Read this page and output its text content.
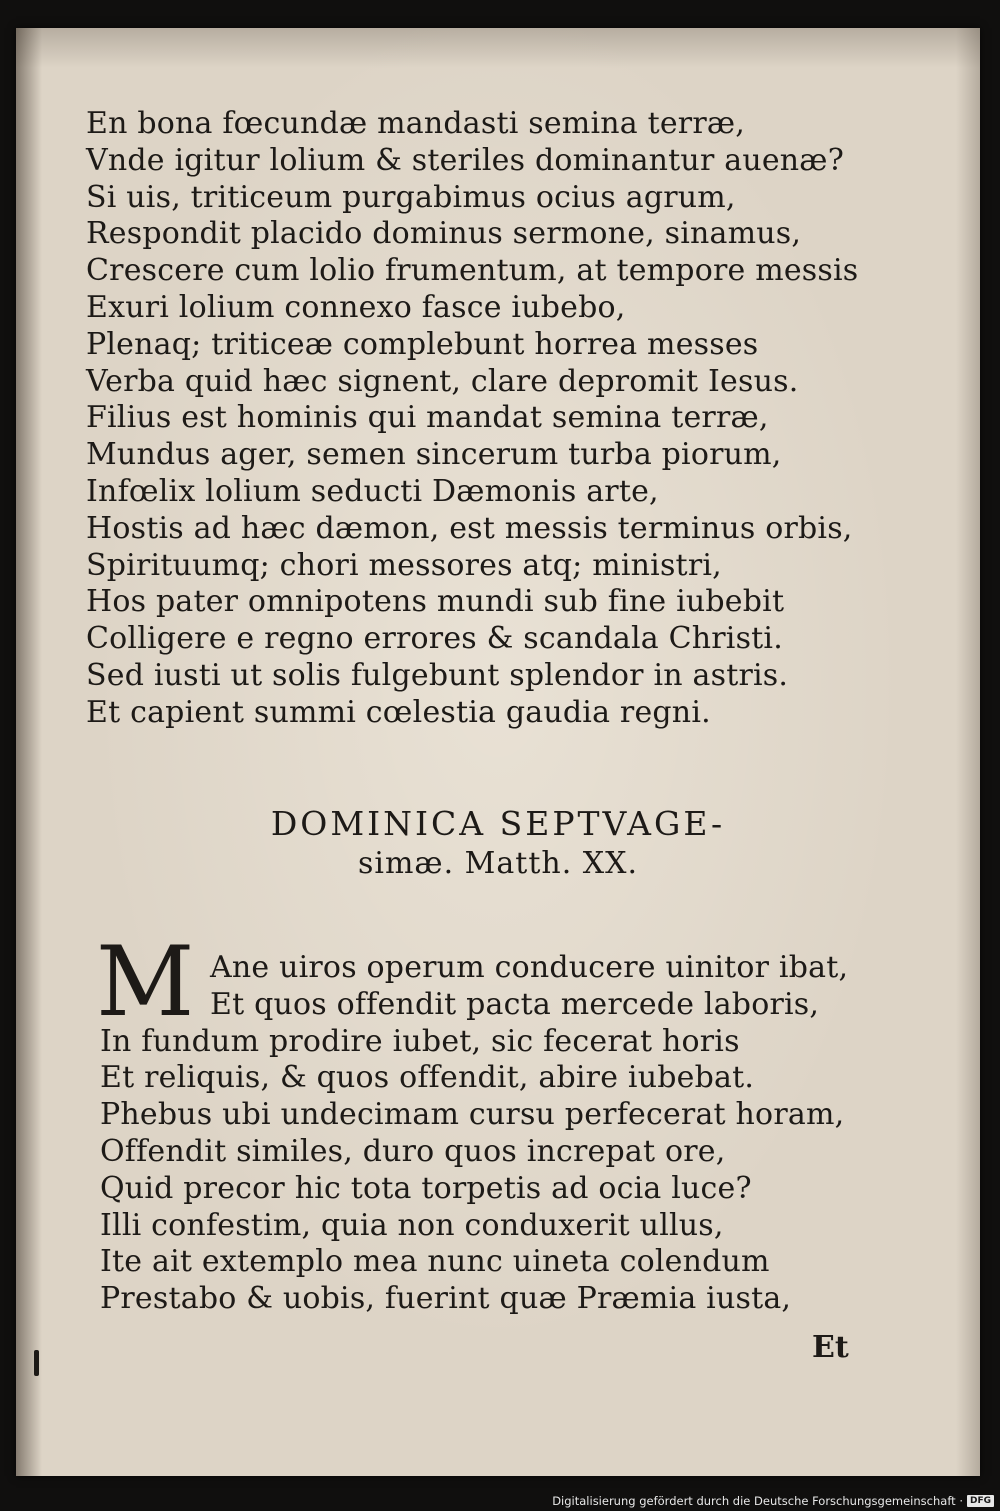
En bona fœcundæ mandasti semina terræ,
Vnde igitur lolium & steriles dominantur auenæ?
Si uis, triticeum purgabimus ocius agrum,
Respondit placido dominus sermone, sinamus,
Crescere cum lolio frumentum, at tempore messis
Exuri lolium connexo fasce iubebo,
Plenaq; triticeæ complebunt horrea messes
Verba quid hæc signent, clare depromit Iesus.
Filius est hominis qui mandat semina terræ,
Mundus ager, semen sincerum turba piorum,
Infœlix lolium seducti Dæmonis arte,
Hostis ad hæc dæmon, est messis terminus orbis,
Spirituumq; chori messores atq; ministri,
Hos pater omnipotens mundi sub fine iubebit
Colligere e regno errores & scandala Christi.
Sed iusti ut solis fulgebunt splendor in astris.
Et capient summi cœlestia gaudia regni.
DOMINICA SEPTVAGE-
simæ. Matth. XX.
M Ane uiros operum conducere uinitor ibat,
Et quos offendit pacta mercede laboris,
In fundum prodire iubet, sic fecerat horis
Et reliquis, & quos offendit, abire iubebat.
Phebus ubi undecimam cursu perfecerat horam,
Offendit similes, duro quos increpat ore,
Quid precor hic tota torpetis ad ocia luce?
Illi confestim, quia non conduxerit ullus,
Ite ait extemplo mea nunc uineta colendum
Prestabo & uobis, fuerint quæ Præmia iusta,
Et
Digitalisierung gefördert durch die Deutsche Forschungsgemeinschaft · DFG
